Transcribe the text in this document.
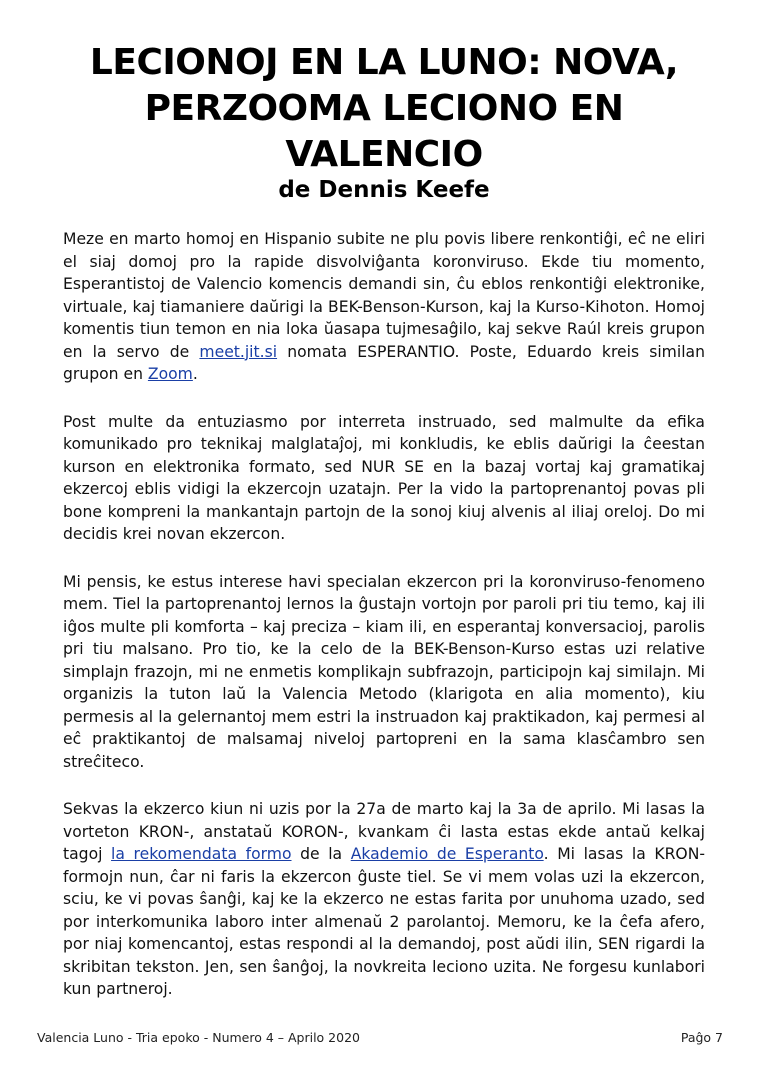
LECIONOJ EN LA LUNO: NOVA,
PERZOOMA LECIONO EN
VALENCIO
de Dennis Keefe

Meze en marto homoj en Hispanio subite ne plu povis libere renkontiĝi, eĉ ne eliri el siaj domoj pro la rapide disvolviĝanta koronviruso. Ekde tiu momento, Esperantistoj de Valencio komencis demandi sin, ĉu eblos renkontiĝi elektronike, virtuale, kaj tiamaniere daŭrigi la BEK-Benson-Kurson, kaj la Kurso-Kihoton. Homoj komentis tiun temon en nia loka ŭasapa tujmesaĝilo, kaj sekve Raúl kreis grupon en la servo de meet.jit.si nomata ESPERANTIO. Poste, Eduardo kreis similan grupon en Zoom.

Post multe da entuziasmo por interreta instruado, sed malmulte da efika komunikado pro teknikaj malglataĵoj, mi konkludis, ke eblis daŭrigi la ĉeestan kurson en elektronika formato, sed NUR SE en la bazaj vortaj kaj gramatikaj ekzercoj eblis vidigi la ekzercojn uzatajn. Per la vido la partoprenantoj povas pli bone kompreni la mankantajn partojn de la sonoj kiuj alvenis al iliaj oreloj. Do mi decidis krei novan ekzercon.

Mi pensis, ke estus interese havi specialan ekzercon pri la koronviruso-fenomeno mem. Tiel la partoprenantoj lernos la ĝustajn vortojn por paroli pri tiu temo, kaj ili iĝos multe pli komforta – kaj preciza – kiam ili, en esperantaj konversacioj, parolis pri tiu malsano. Pro tio, ke la celo de la BEK-Benson-Kurso estas uzi relative simplajn frazojn, mi ne enmetis komplikajn subfrazojn, participojn kaj similajn. Mi organizis la tuton laŭ la Valencia Metodo (klarigota en alia momento), kiu permesis al la gelernantoj mem estri la instruadon kaj praktikadon, kaj permesi al eĉ praktikantoj de malsamaj niveloj partopreni en la sama klasĉambro sen streĉiteco.

Sekvas la ekzerco kiun ni uzis por la 27a de marto kaj la 3a de aprilo. Mi lasas la vorteton KRON-, anstataŭ KORON-, kvankam ĉi lasta estas ekde antaŭ kelkaj tagoj la rekomendata formo de la Akademio de Esperanto. Mi lasas la KRON-formojn nun, ĉar ni faris la ekzercon ĝuste tiel. Se vi mem volas uzi la ekzercon, sciu, ke vi povas ŝanĝi, kaj ke la ekzerco ne estas farita por unuhoma uzado, sed por interkomunika laboro inter almenaŭ 2 parolantoj. Memoru, ke la ĉefa afero, por niaj komencantoj, estas respondi al la demandoj, post aŭdi ilin, SEN rigardi la skribitan tekston. Jen, sen ŝanĝoj, la novkreita leciono uzita. Ne forgesu kunlabori kun partneroj.

Valencia Luno - Tria epoko - Numero 4 – Aprilo 2020	Paĝo 7
